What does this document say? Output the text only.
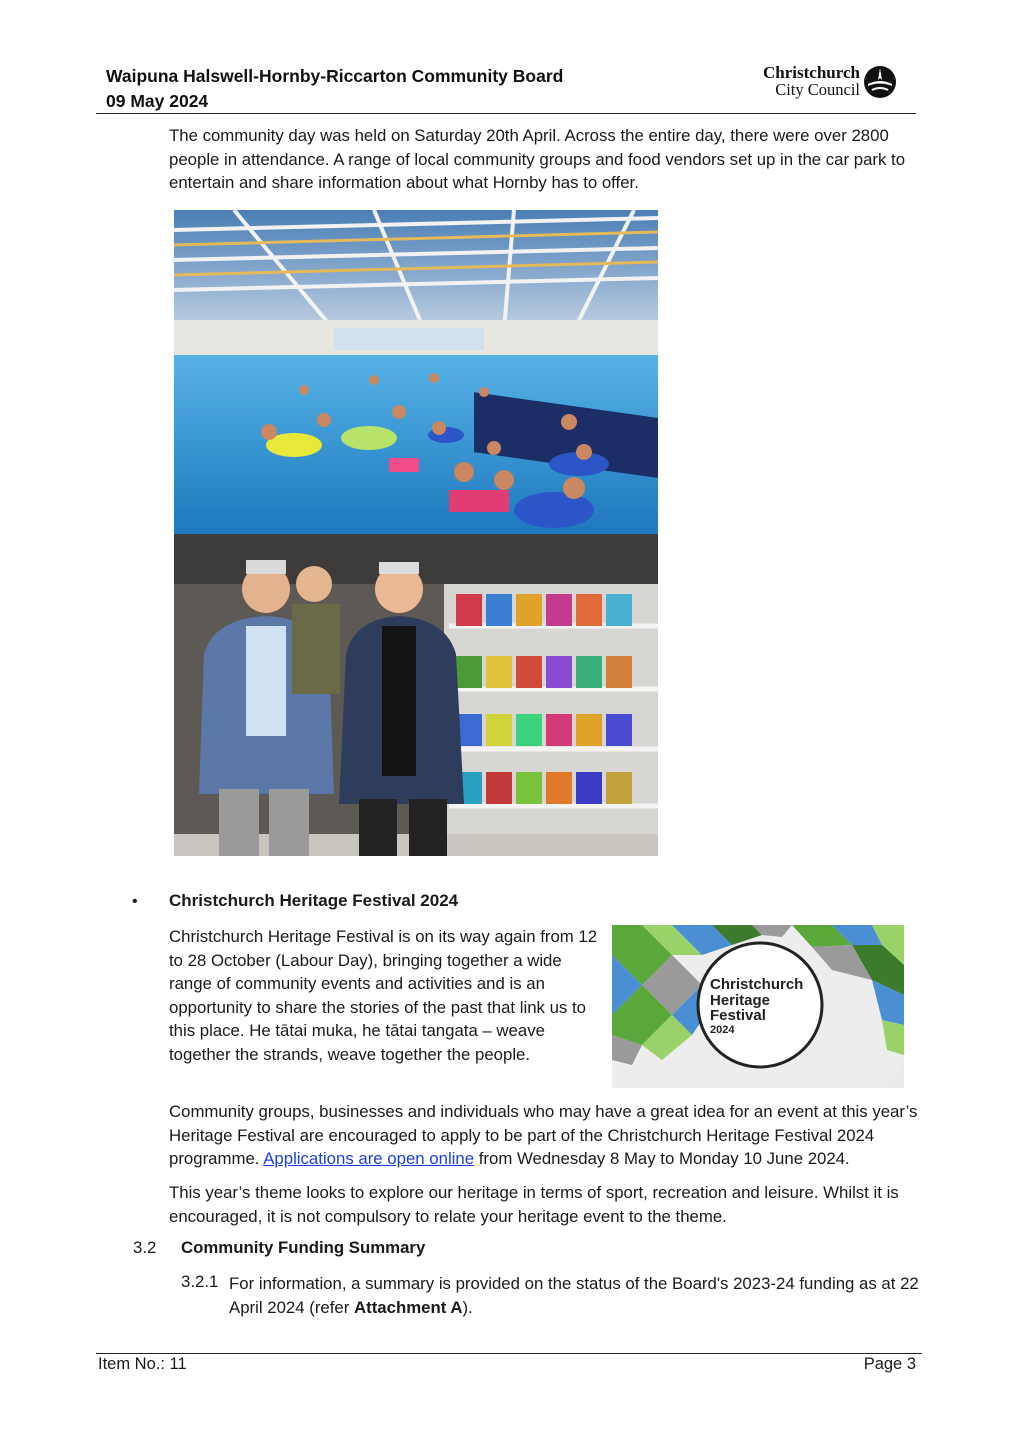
Waipuna Halswell-Hornby-Riccarton Community Board
09 May 2024
Christchurch
City Council
The community day was held on Saturday 20th April. Across the entire day, there were over 2800 people in attendance. A range of local community groups and food vendors set up in the car park to entertain and share information about what Hornby has to offer.
• Christchurch Heritage Festival 2024
Christchurch Heritage Festival is on its way again from 12 to 28 October (Labour Day), bringing together a wide range of community events and activities and is an opportunity to share the stories of the past that link us to this place. He tātai muka, he tātai tangata – weave together the strands, weave together the people.
Christchurch
Heritage
Festival
2024
Community groups, businesses and individuals who may have a great idea for an event at this year’s Heritage Festival are encouraged to apply to be part of the Christchurch Heritage Festival 2024 programme. Applications are open online from Wednesday 8 May to Monday 10 June 2024.
This year’s theme looks to explore our heritage in terms of sport, recreation and leisure. Whilst it is encouraged, it is not compulsory to relate your heritage event to the theme.
3.2 Community Funding Summary
3.2.1 For information, a summary is provided on the status of the Board's 2023-24 funding as at 22 April 2024 (refer Attachment A).
Item No.: 11	Page 3
